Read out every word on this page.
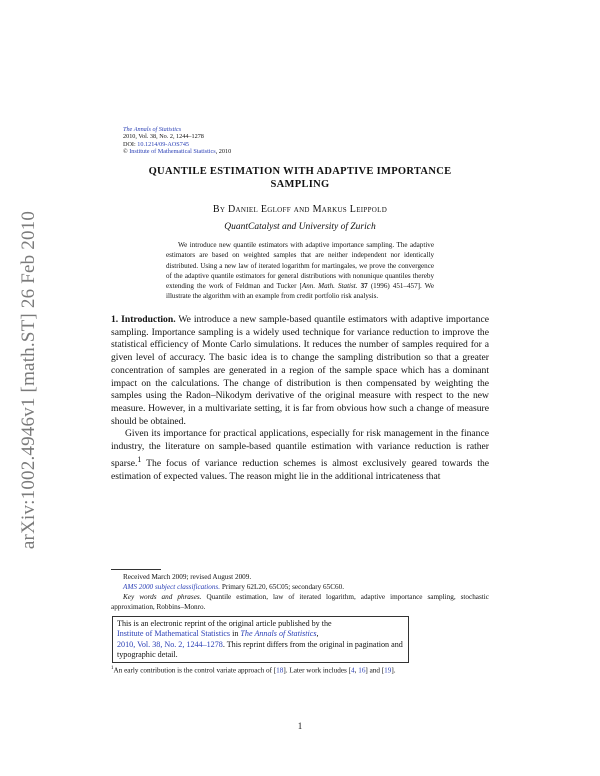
arXiv:1002.4946v1 [math.ST] 26 Feb 2010
The Annals of Statistics
2010, Vol. 38, No. 2, 1244–1278
DOI: 10.1214/09-AOS745
© Institute of Mathematical Statistics, 2010
QUANTILE ESTIMATION WITH ADAPTIVE IMPORTANCE
SAMPLING
By Daniel Egloff and Markus Leippold
QuantCatalyst and University of Zurich
We introduce new quantile estimators with adaptive importance sampling. The adaptive estimators are based on weighted samples that are neither independent nor identically distributed. Using a new law of iterated logarithm for martingales, we prove the convergence of the adaptive quantile estimators for general distributions with nonunique quantiles thereby extending the work of Feldman and Tucker [Ann. Math. Statist. 37 (1996) 451–457]. We illustrate the algorithm with an example from credit portfolio risk analysis.

1. Introduction. We introduce a new sample-based quantile estimators with adaptive importance sampling. Importance sampling is a widely used technique for variance reduction to improve the statistical efficiency of Monte Carlo simulations. It reduces the number of samples required for a given level of accuracy. The basic idea is to change the sampling distribution so that a greater concentration of samples are generated in a region of the sample space which has a dominant impact on the calculations. The change of distribution is then compensated by weighting the samples using the Radon–Nikodym derivative of the original measure with respect to the new measure. However, in a multivariate setting, it is far from obvious how such a change of measure should be obtained.

Given its importance for practical applications, especially for risk management in the finance industry, the literature on sample-based quantile estimation with variance reduction is rather sparse.$^1$ The focus of variance reduction schemes is almost exclusively geared towards the estimation of expected values. The reason might lie in the additional intricateness that

Received March 2009; revised August 2009.

AMS 2000 subject classifications. Primary 62L20, 65C05; secondary 65C60.

Key words and phrases. Quantile estimation, law of iterated logarithm, adaptive importance sampling, stochastic approximation, Robbins–Monro.

This is an electronic reprint of the original article published by the
Institute of Mathematical Statistics in The Annals of Statistics,
2010, Vol. 38, No. 2, 1244–1278. This reprint differs from the original in pagination and typographic detail.
$^1$An early contribution is the control variate approach of [18]. Later work includes [4, 16] and [19].
1
